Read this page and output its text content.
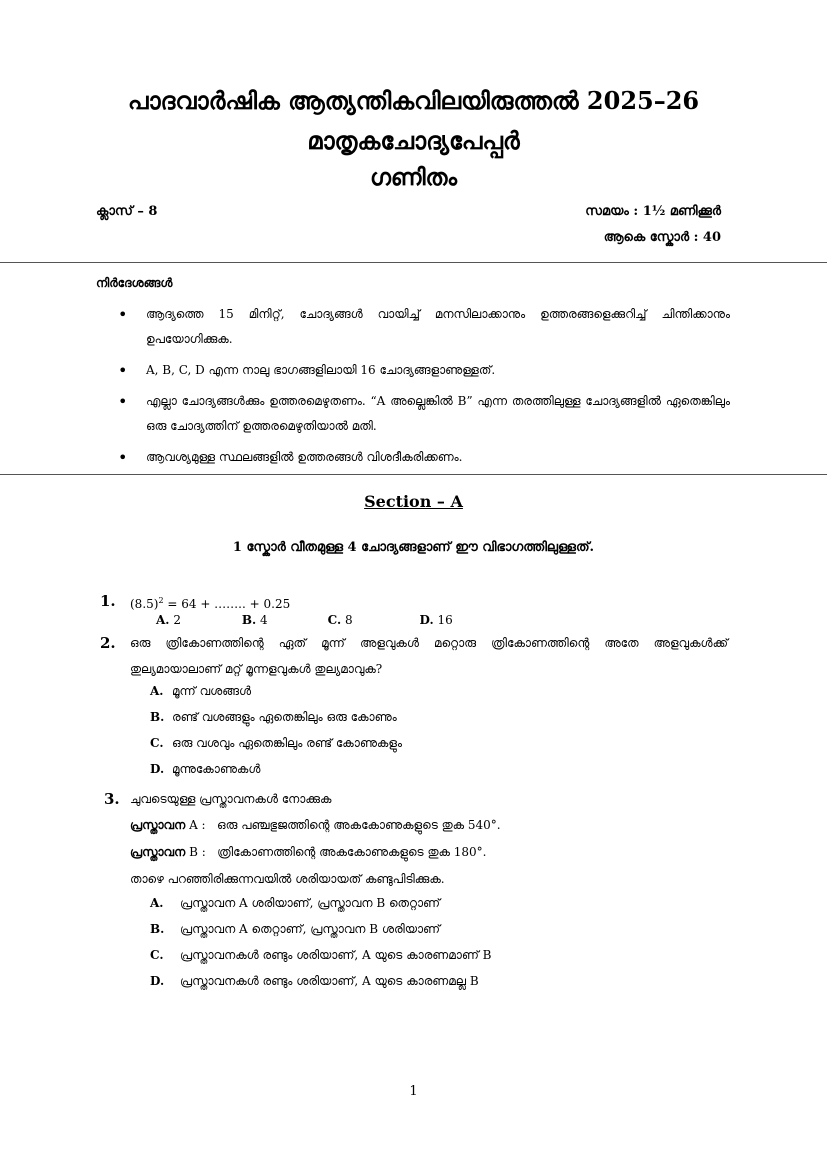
പാദവാർഷിക ആത്യന്തികവിലയിരുത്തൽ 2025–26
മാതൃകചോദ്യപേപ്പർ
ഗണിതം
ക്ലാസ് – 8	സമയം : 1½ മണിക്കൂർ
ആകെ സ്കോർ : 40
നിർദേശങ്ങൾ
• ആദ്യത്തെ 15 മിനിറ്റ്, ചോദ്യങ്ങൾ വായിച്ച് മനസിലാക്കാനും ഉത്തരങ്ങളെക്കുറിച്ച് ചിന്തിക്കാനും ഉപയോഗിക്കുക.
• A, B, C, D എന്ന നാലു ഭാഗങ്ങളിലായി 16 ചോദ്യങ്ങളാണുള്ളത്.
• എല്ലാ ചോദ്യങ്ങൾക്കും ഉത്തരമെഴുതണം. “A അല്ലെങ്കിൽ B” എന്ന തരത്തിലുള്ള ചോദ്യങ്ങളിൽ ഏതെങ്കിലും ഒരു ചോദ്യത്തിന് ഉത്തരമെഴുതിയാൽ മതി.
• ആവശ്യമുള്ള സ്ഥലങ്ങളിൽ ഉത്തരങ്ങൾ വിശദീകരിക്കണം.
Section – A
1 സ്കോർ വീതമുള്ള 4 ചോദ്യങ്ങളാണ് ഈ വിഭാഗത്തിലുള്ളത്.
1. $(8.5)^2 = 64$ + …….. + 0.25
A. 2	B. 4	C. 8	D. 16
2. ഒരു ത്രികോണത്തിന്റെ ഏത് മൂന്ന് അളവുകൾ മറ്റൊരു ത്രികോണത്തിന്റെ അതേ അളവുകൾക്ക് തുല്യമായാലാണ് മറ്റ് മൂന്നളവുകൾ തുല്യമാവുക?
A. മൂന്ന് വശങ്ങൾ
B. രണ്ട് വശങ്ങളും ഏതെങ്കിലും ഒരു കോണും
C. ഒരു വശവും ഏതെങ്കിലും രണ്ട് കോണുകളും
D. മൂന്നുകോണുകൾ
3. ചുവടെയുള്ള പ്രസ്താവനകൾ നോക്കുക
പ്രസ്താവന A : ഒരു പഞ്ചഭുജത്തിന്റെ അകകോണുകളുടെ തുക 540°.
പ്രസ്താവന B : ത്രികോണത്തിന്റെ അകകോണുകളുടെ തുക 180°.
താഴെ പറഞ്ഞിരിക്കുന്നവയിൽ ശരിയായത് കണ്ടുപിടിക്കുക.
A. പ്രസ്താവന A ശരിയാണ്, പ്രസ്താവന B തെറ്റാണ്
B. പ്രസ്താവന A തെറ്റാണ്, പ്രസ്താവന B ശരിയാണ്
C. പ്രസ്താവനകൾ രണ്ടും ശരിയാണ്, A യുടെ കാരണമാണ് B
D. പ്രസ്താവനകൾ രണ്ടും ശരിയാണ്, A യുടെ കാരണമല്ല B
1
